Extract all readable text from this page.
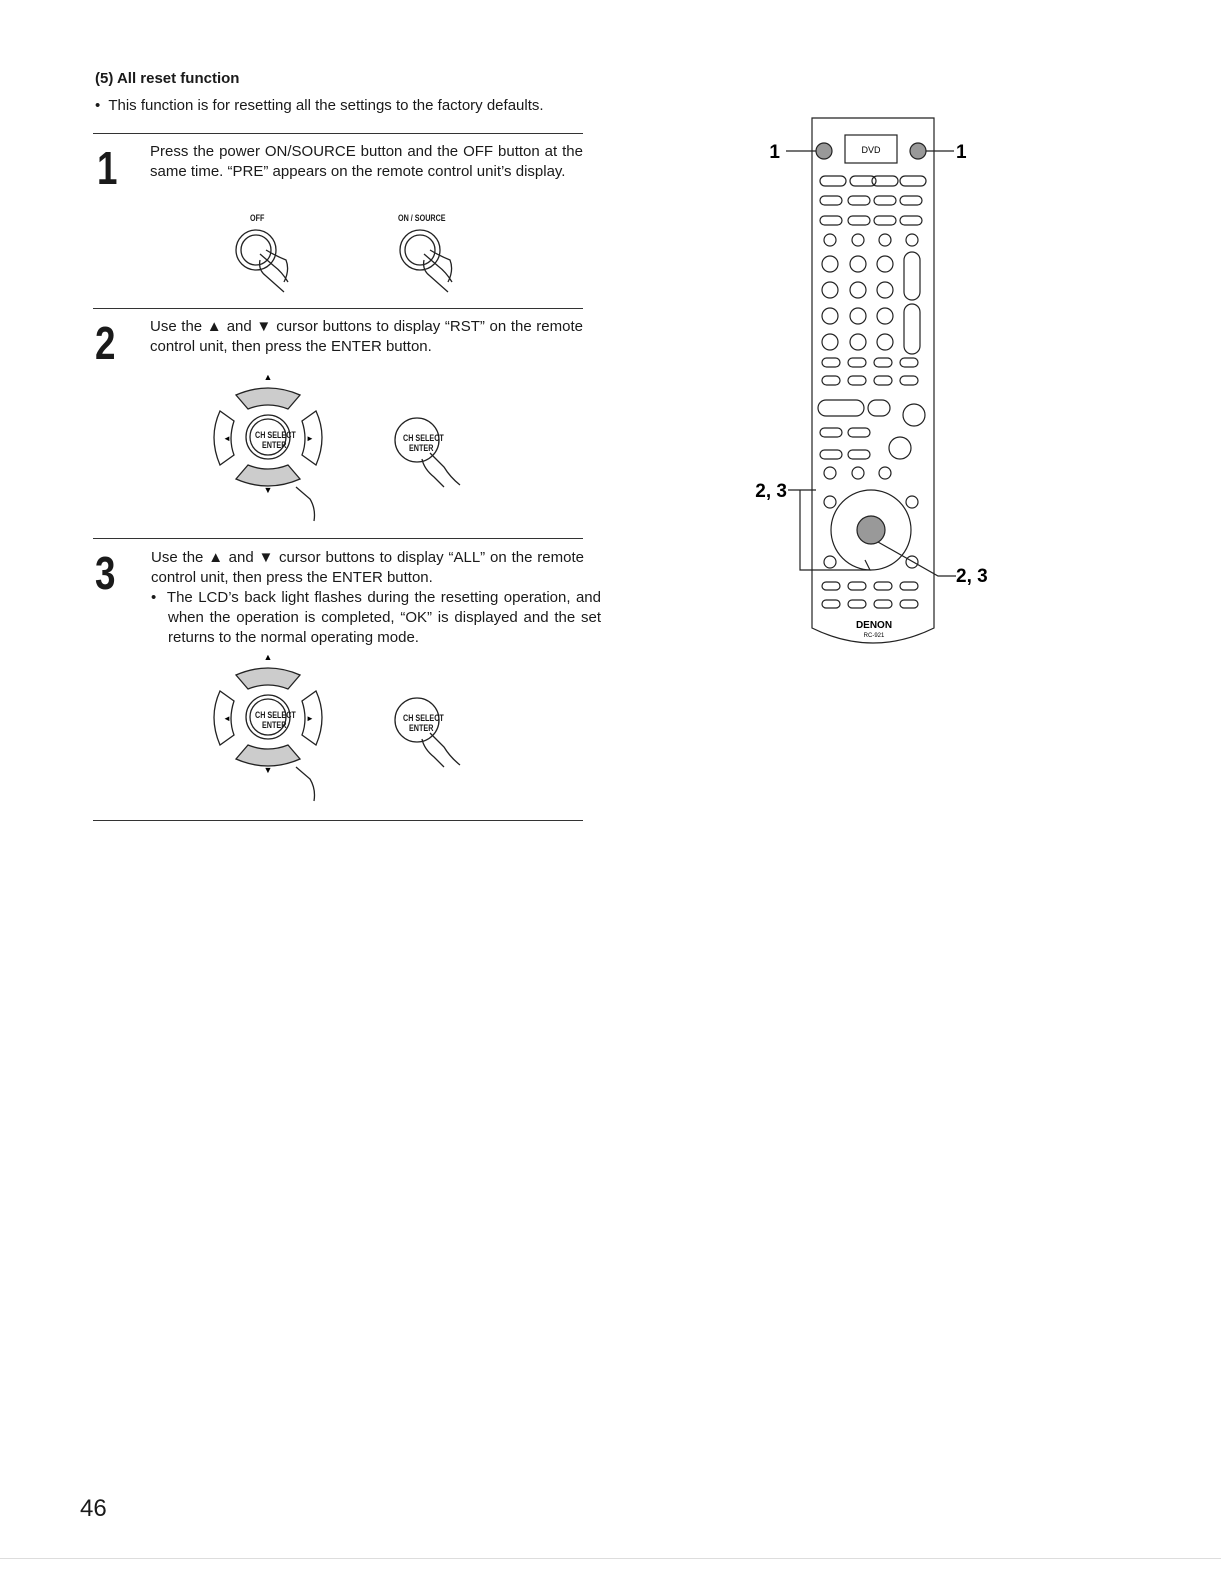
(5) All reset function
•  This function is for resetting all the settings to the factory defaults.
1 Press the power ON/SOURCE button and the OFF button at the same time. “PRE” appears on the remote control unit’s display.
OFF	ON / SOURCE
2 Use the ▲ and ▼ cursor buttons to display “RST” on the remote control unit, then press the ENTER button.
▲
▼
◄	►
CH SELECT
ENTER
CH SELECT
ENTER
3 Use the ▲ and ▼ cursor buttons to display “ALL” on the remote control unit, then press the ENTER button.
•  The LCD’s back light flashes during the resetting operation, and when the operation is completed, “OK” is displayed and the set returns to the normal operating mode.
▲
▼
◄	►
CH SELECT
ENTER
CH SELECT
ENTER
DVD
1	1
2, 3
2, 3
DENON
RC-921
46
